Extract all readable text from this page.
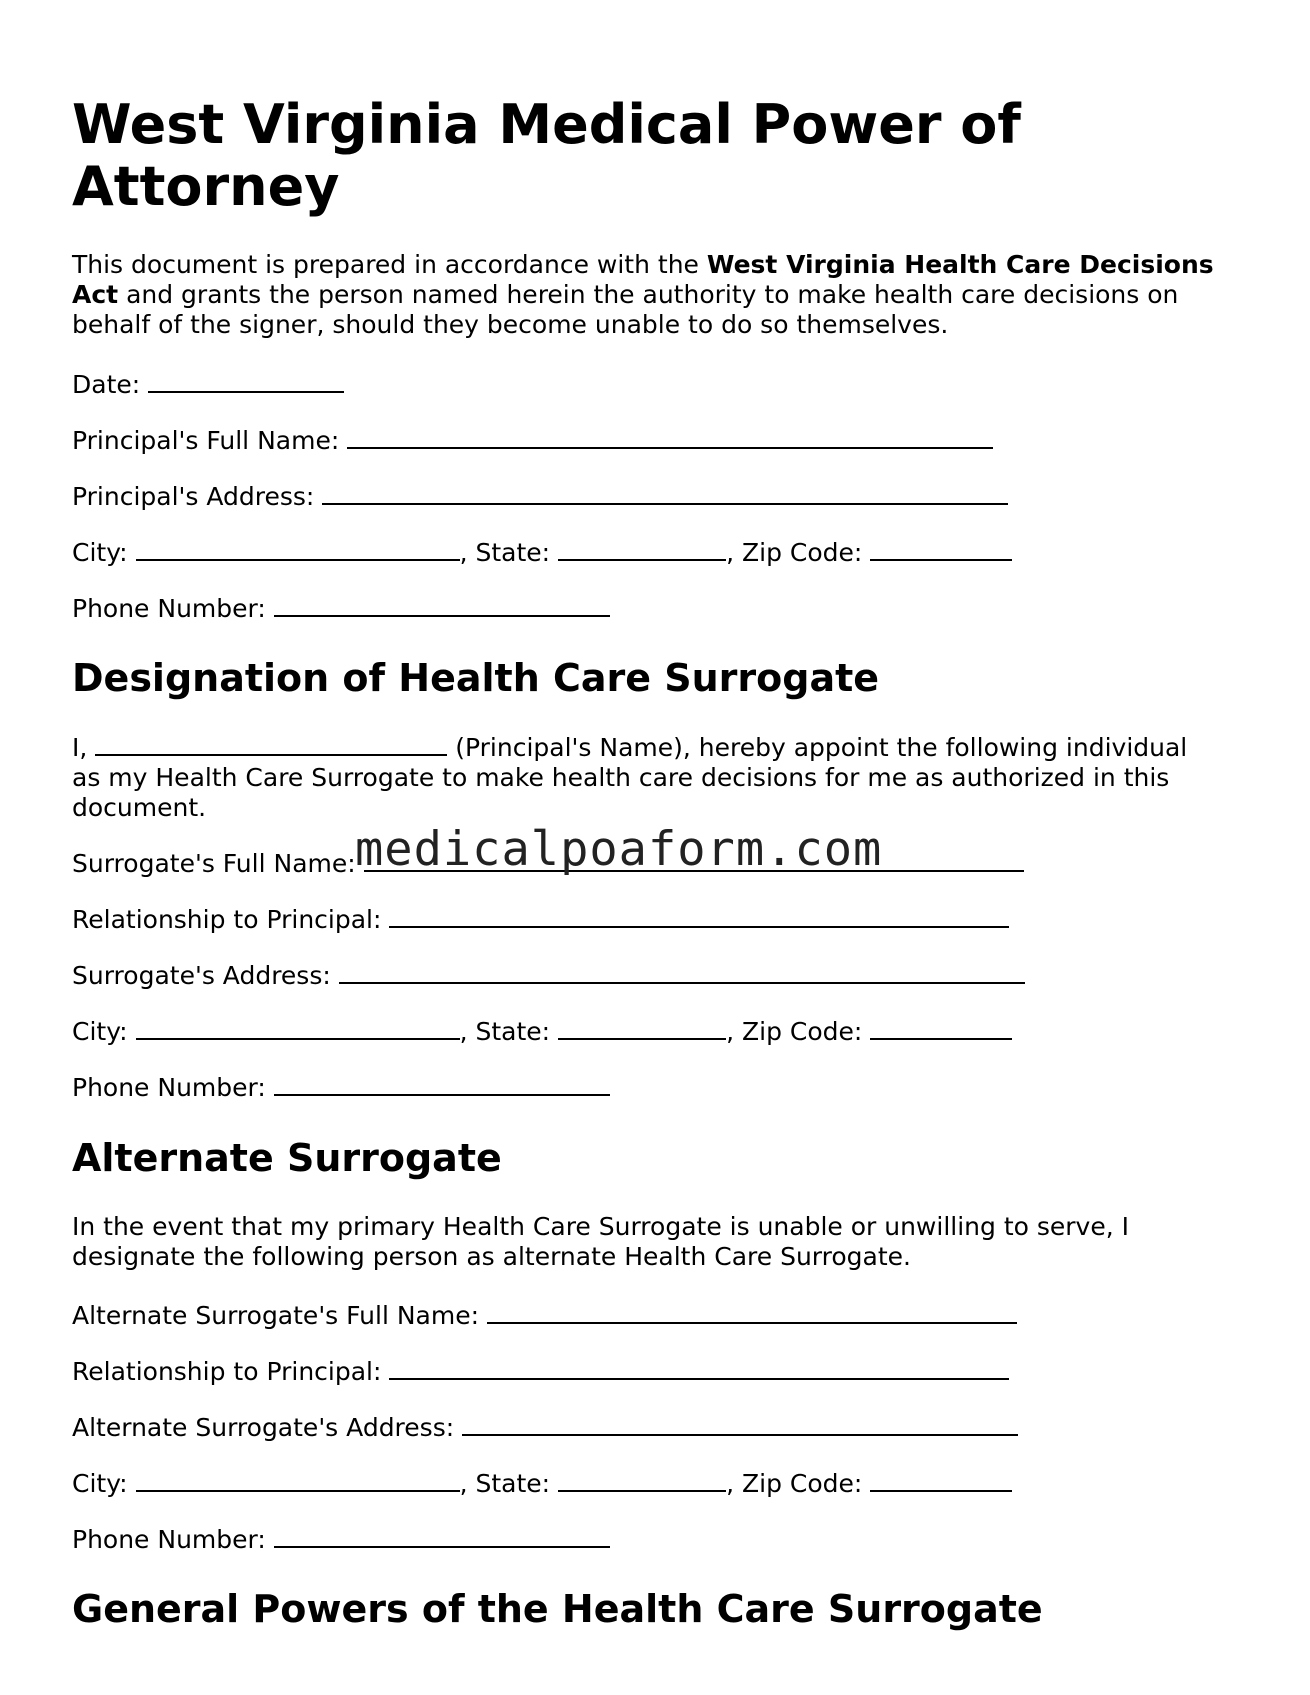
West Virginia Medical Power of Attorney

This document is prepared in accordance with the West Virginia Health Care Decisions Act and grants the person named herein the authority to make health care decisions on behalf of the signer, should they become unable to do so themselves.

Date:
Principal's Full Name:
Principal's Address:
City:	, State:	, Zip Code:
Phone Number:
Designation of Health Care Surrogate

I,	(Principal's Name), hereby appoint the following individual as my Health Care Surrogate to make health care decisions for me as authorized in this document.

Surrogate's Full Name:
Relationship to Principal:
Surrogate's Address:
City:	, State:	, Zip Code:
Phone Number:
Alternate Surrogate

In the event that my primary Health Care Surrogate is unable or unwilling to serve, I designate the following person as alternate Health Care Surrogate.

Alternate Surrogate's Full Name:
Relationship to Principal:
Alternate Surrogate's Address:
City:	, State:	, Zip Code:
Phone Number:
General Powers of the Health Care Surrogate
medicalpoaform.com
